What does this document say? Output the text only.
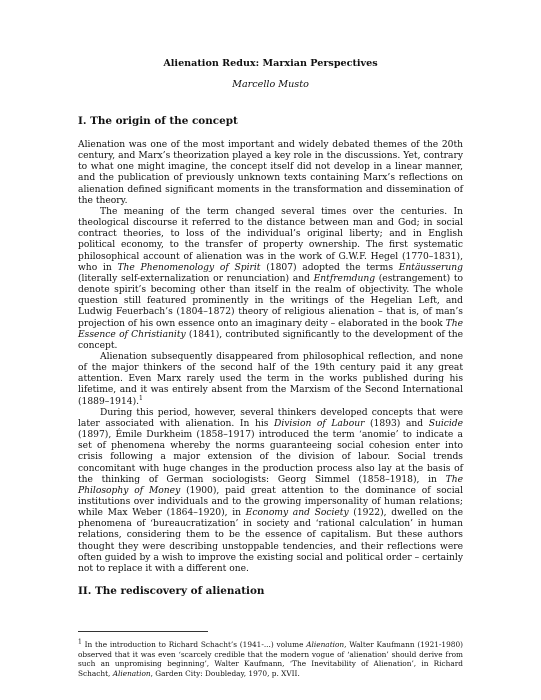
Alienation Redux: Marxian Perspectives
Marcello Musto
I. The origin of the concept

Alienation was one of the most important and widely debated themes of the 20th century, and Marx’s theorization played a key role in the discussions. Yet, contrary to what one might imagine, the concept itself did not develop in a linear manner, and the publication of previously unknown texts containing Marx’s reflections on alienation defined significant moments in the transformation and dissemination of the theory.

The meaning of the term changed several times over the centuries. In theological discourse it referred to the distance between man and God; in social contract theories, to loss of the individual’s original liberty; and in English political economy, to the transfer of property ownership. The first systematic philosophical account of alienation was in the work of G.W.F. Hegel (1770–1831), who in The Phenomenology of Spirit (1807) adopted the terms Entäusserung (literally self-externalization or renunciation) and Entfremdung (estrangement) to denote spirit’s becoming other than itself in the realm of objectivity. The whole question still featured prominently in the writings of the Hegelian Left, and Ludwig Feuerbach’s (1804–1872) theory of religious alienation – that is, of man’s projection of his own essence onto an imaginary deity – elaborated in the book The Essence of Christianity (1841), contributed significantly to the development of the concept.

Alienation subsequently disappeared from philosophical reflection, and none of the major thinkers of the second half of the 19th century paid it any great attention. Even Marx rarely used the term in the works published during his lifetime, and it was entirely absent from the Marxism of the Second International (1889–1914).$^1$

During this period, however, several thinkers developed concepts that were later associated with alienation. In his Division of Labour (1893) and Suicide (1897), Émile Durkheim (1858–1917) introduced the term ‘anomie’ to indicate a set of phenomena whereby the norms guaranteeing social cohesion enter into crisis following a major extension of the division of labour. Social trends concomitant with huge changes in the production process also lay at the basis of the thinking of German sociologists: Georg Simmel (1858–1918), in The Philosophy of Money (1900), paid great attention to the dominance of social institutions over individuals and to the growing impersonality of human relations; while Max Weber (1864–1920), in Economy and Society (1922), dwelled on the phenomena of ‘bureaucratization’ in society and ‘rational calculation’ in human relations, considering them to be the essence of capitalism. But these authors thought they were describing unstoppable tendencies, and their reflections were often guided by a wish to improve the existing social and political order – certainly not to replace it with a different one.

II. The rediscovery of alienation
$^1$ In the introduction to Richard Schacht’s (1941-...) volume Alienation, Walter Kaufmann (1921-1980) observed that it was even ‘scarcely credible that the modern vogue of ‘alienation’ should derive from such an unpromising beginning’, Walter Kaufmann, ‘The Inevitability of Alienation’, in Richard Schacht, Alienation, Garden City: Doubleday, 1970, p. XVII.
